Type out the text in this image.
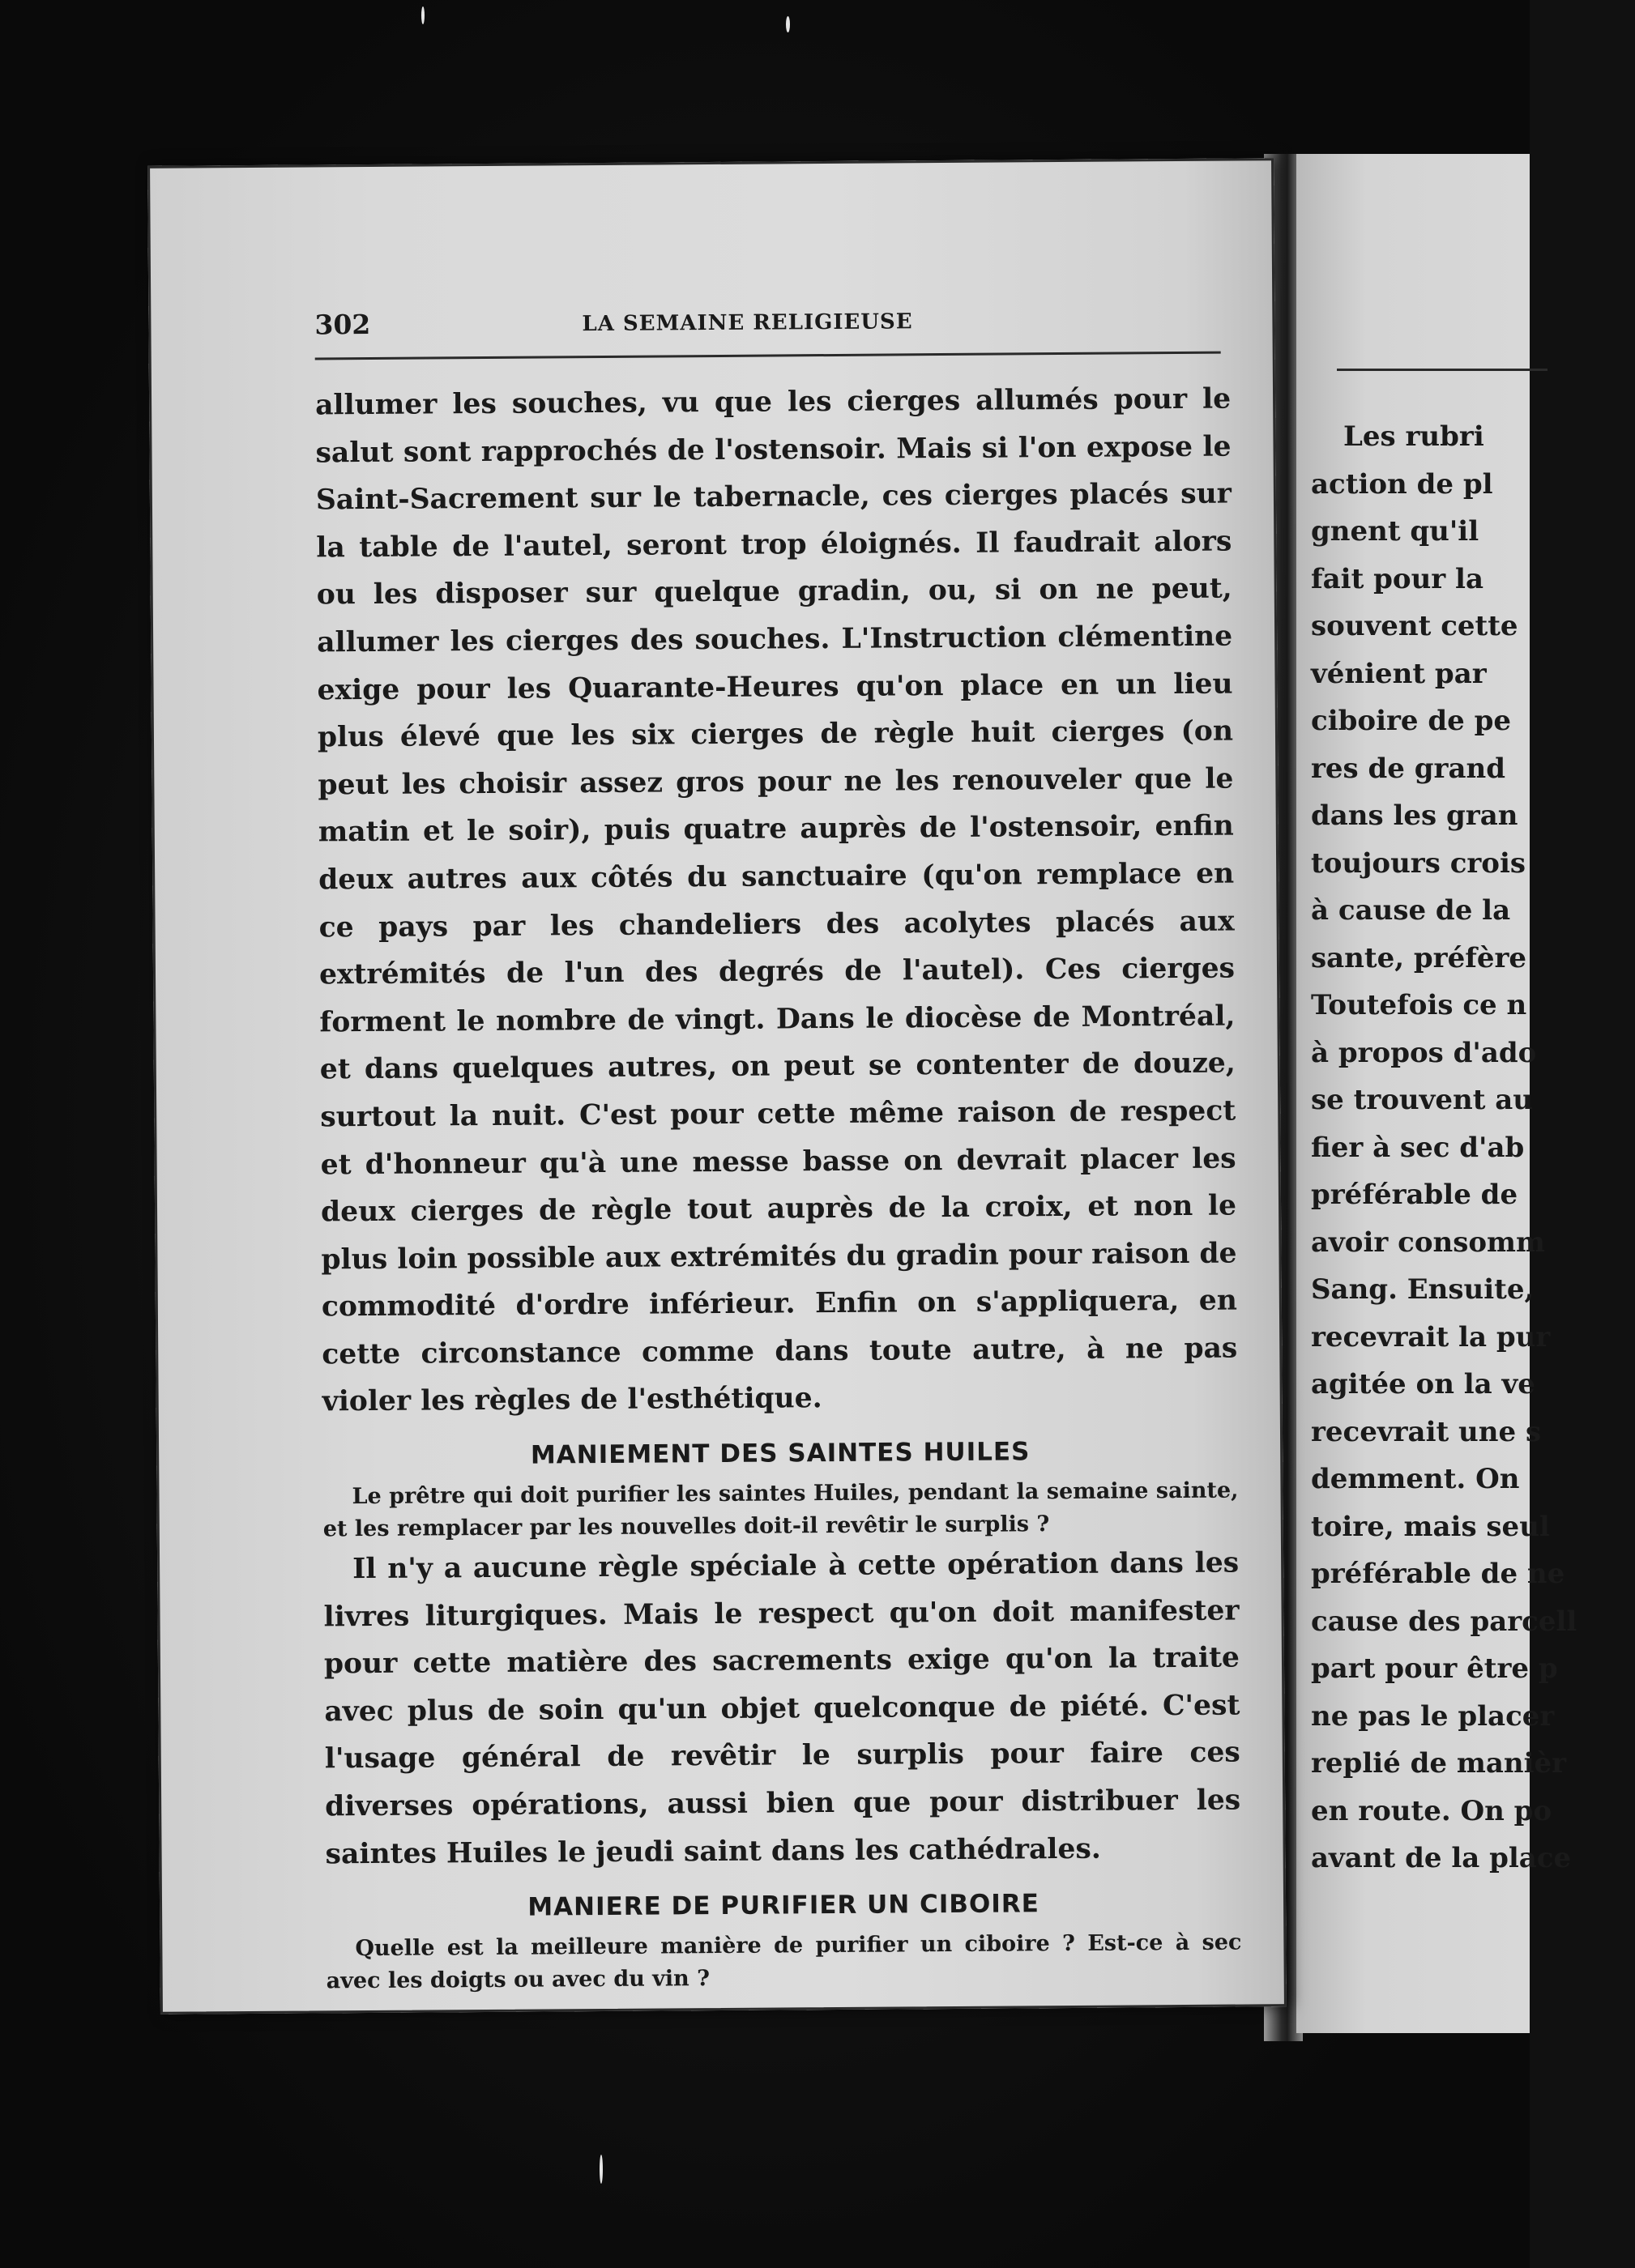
Les rubri
action de pl
gnent qu'il
fait pour la
souvent cette
vénient par
ciboire de pe
res de grand
dans les gran
toujours crois
à cause de la
sante, préfère
Toutefois ce n
à propos d'ado
se trouvent au
fier à sec d'ab
préférable de
avoir consomm
Sang. Ensuite,
recevrait la pur
agitée on la ve
recevrait une s
demment. On
toire, mais seul
préférable de ne
cause des parcell
part pour être p
ne pas le placer
replié de manièr
en route. On po
avant de la place
302	LA SEMAINE RELIGIEUSE

allumer les souches, vu que les cierges allumés pour le salut sont rapprochés de l'ostensoir. Mais si l'on expose le Saint-Sacrement sur le tabernacle, ces cierges placés sur la table de l'autel, seront trop éloignés. Il faudrait alors ou les disposer sur quelque gradin, ou, si on ne peut, allumer les cierges des souches. L'Instruction clémentine exige pour les Quarante-Heures qu'on place en un lieu plus élevé que les six cierges de règle huit cierges (on peut les choisir assez gros pour ne les renouveler que le matin et le soir), puis quatre auprès de l'ostensoir, enfin deux autres aux côtés du sanctuaire (qu'on remplace en ce pays par les chandeliers des acolytes placés aux extrémités de l'un des degrés de l'autel). Ces cierges forment le nombre de vingt. Dans le diocèse de Montréal, et dans quelques autres, on peut se contenter de douze, surtout la nuit. C'est pour cette même raison de respect et d'honneur qu'à une messe basse on devrait placer les deux cierges de règle tout auprès de la croix, et non le plus loin possible aux extrémités du gradin pour raison de commodité d'ordre inférieur. Enfin on s'appliquera, en cette circonstance comme dans toute autre, à ne pas violer les règles de l'esthétique.

MANIEMENT DES SAINTES HUILES

Le prêtre qui doit purifier les saintes Huiles, pendant la semaine sainte, et les remplacer par les nouvelles doit-il revêtir le surplis ?

Il n'y a aucune règle spéciale à cette opération dans les livres liturgiques. Mais le respect qu'on doit manifester pour cette matière des sacrements exige qu'on la traite avec plus de soin qu'un objet quelconque de piété. C'est l'usage général de revêtir le surplis pour faire ces diverses opérations, aussi bien que pour distribuer les saintes Huiles le jeudi saint dans les cathédrales.

MANIERE DE PURIFIER UN CIBOIRE

Quelle est la meilleure manière de purifier un ciboire ? Est-ce à sec avec les doigts ou avec du vin ?
